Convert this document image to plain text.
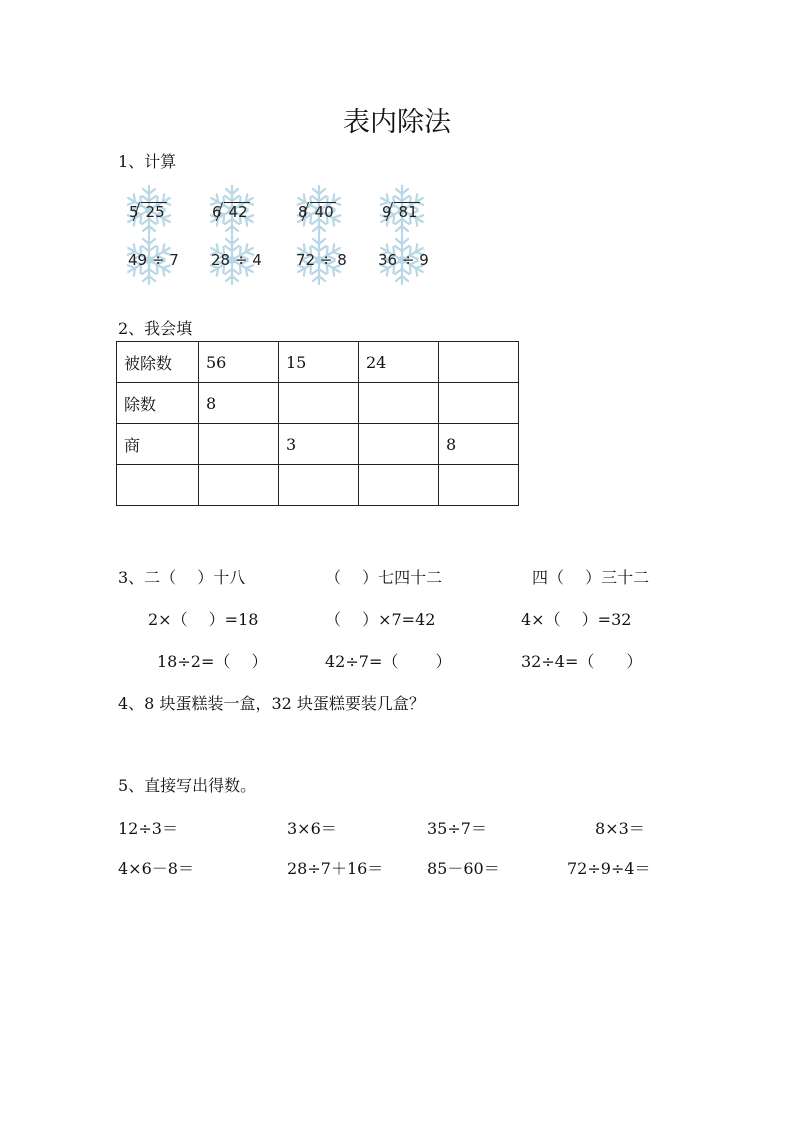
表内除法
1、计算
5 25	6 42	8 40	9 81
49 ÷ 7 28 ÷ 4 72 ÷ 8 36 ÷ 9
2、我会填
被除数	56	15	24	
除数	8			
商		3		8

3、二（　 ）十八	（　 ）七四十二	四（　 ）三十二
2×（　 ）=18	（　 ）×7=42	4×（　 ）=32
18÷2=（　 ）	42÷7=（　　 ）	32÷4=（　　）
4、8 块蛋糕装一盒，32 块蛋糕要装几盒？
5、直接写出得数。
12÷3＝	3×6＝	35÷7＝	8×3＝
4×6－8＝	28÷7＋16＝	85－60＝	72÷9÷4＝
